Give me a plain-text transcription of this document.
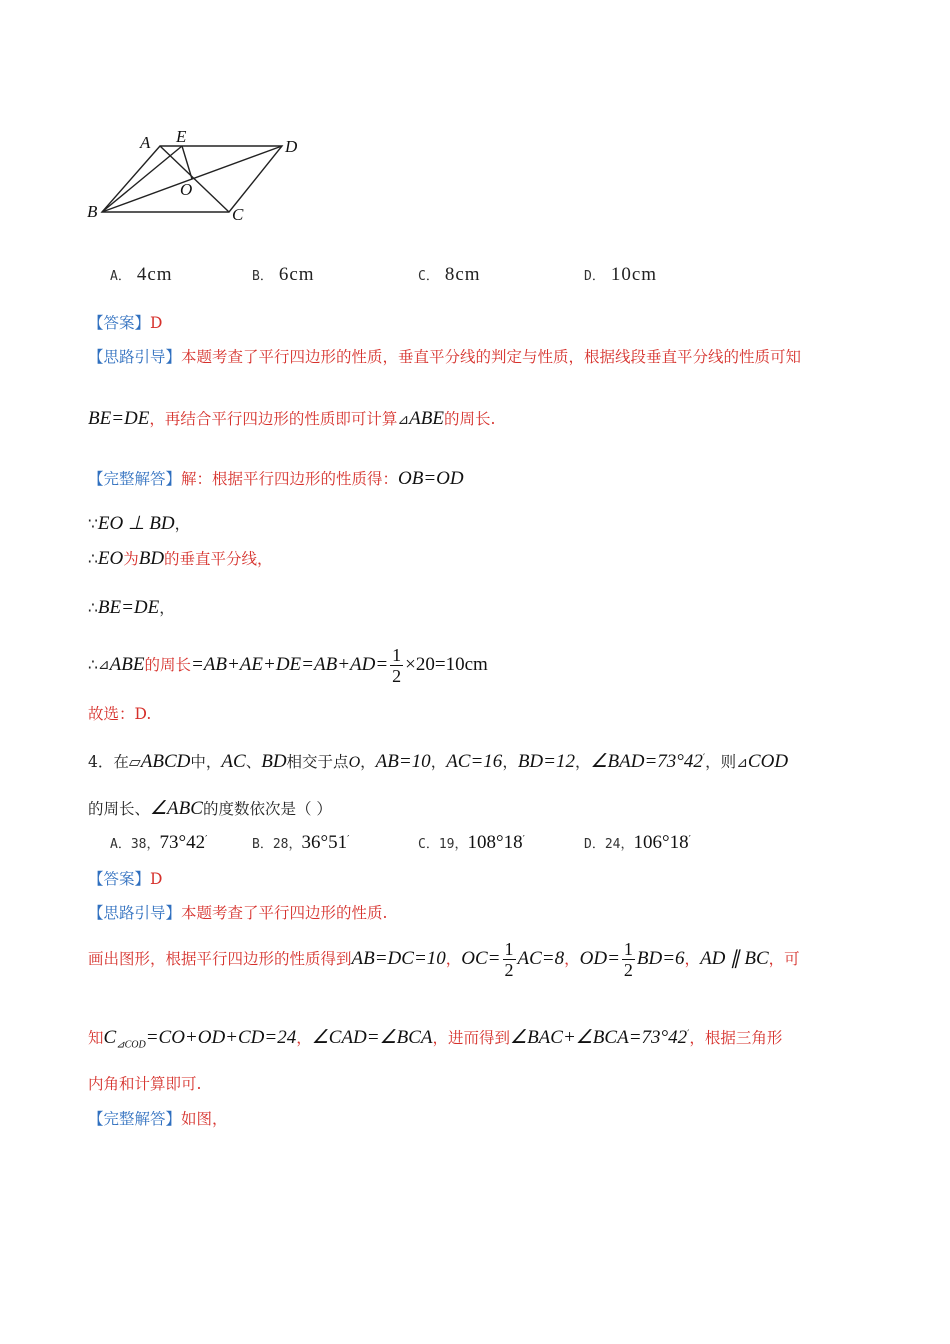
A E
D
O
B	C
A． 4cm	B． 6cm	C． 8cm	D． 10cm
【答案】D
【思路引导】本题考查了平行四边形的性质，垂直平分线的判定与性质，根据线段垂直平分线的性质可知
BE=DE，再结合平行四边形的性质即可计算⊿ABE的周长.
【完整解答】解：根据平行四边形的性质得：OB=OD
∵EO ⊥ BD，
∴EO为BD的垂直平分线，
∴BE=DE，
∴ ⊿ ABE 的周长 $=AB+AE+DE=AB+AD= \frac{1}{2} \times 20=10cm$
故选：D.
4．在▱ABCD中，AC、BD相交于点O，AB=10，AC=16，BD=12，∠BAD=73°42′，则⊿COD
的周长、∠ABC的度数依次是（ ）
A．38，73°42′	B．28，36°51′	C．19，108°18′	D．24，106°18′
【答案】D
【思路引导】本题考查了平行四边形的性质.
画出图形，根据平行四边形的性质得到 AB=DC=10 ， $OC= \frac{1}{2} AC=8$ ， $OD= \frac{1}{2} BD=6$ ， AD ∥ BC ，可
知$C_{⊿COD}=CO+OD+CD=24$，∠CAD=∠BCA，进而得到∠BAC+∠BCA=73°42′，根据三角形
内角和计算即可.
【完整解答】如图，
